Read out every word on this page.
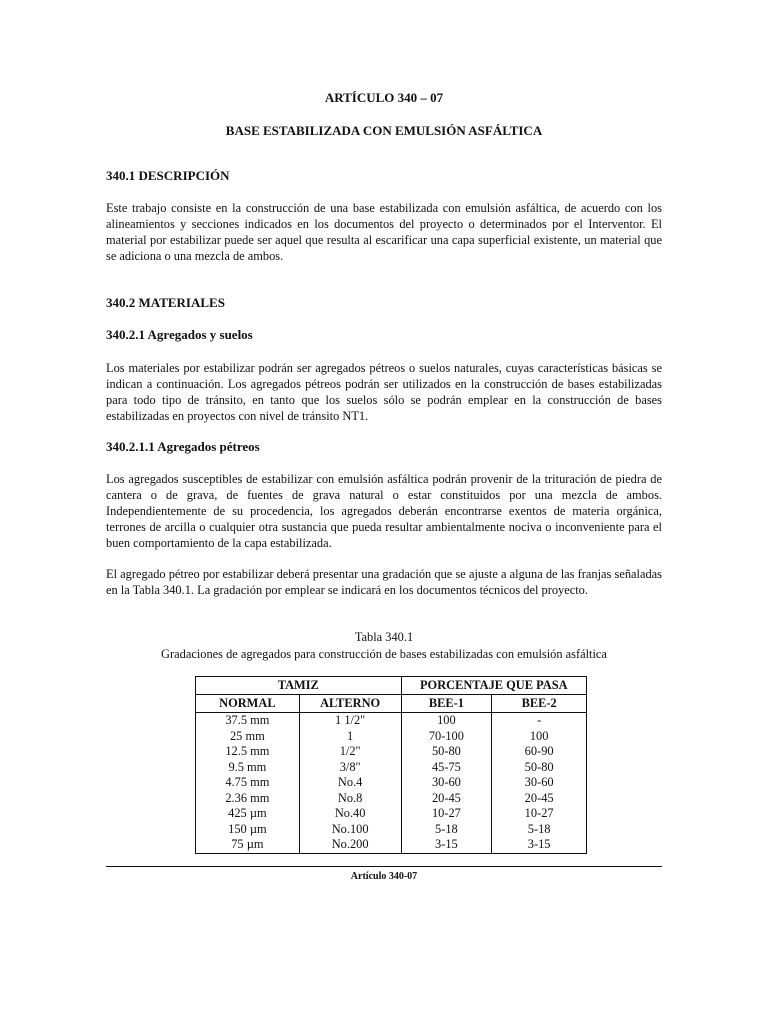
ARTÍCULO 340 – 07

BASE ESTABILIZADA CON EMULSIÓN ASFÁLTICA

340.1 DESCRIPCIÓN

Este trabajo consiste en la construcción de una base estabilizada con emulsión asfáltica, de acuerdo con los alineamientos y secciones indicados en los documentos del proyecto o determinados por el Interventor. El material por estabilizar puede ser aquel que resulta al escarificar una capa superficial existente, un material que se adiciona o una mezcla de ambos.

340.2 MATERIALES

340.2.1 Agregados y suelos

Los materiales por estabilizar podrán ser agregados pétreos o suelos naturales, cuyas características básicas se indican a continuación. Los agregados pétreos podrán ser utilizados en la construcción de bases estabilizadas para todo tipo de tránsito, en tanto que los suelos sólo se podrán emplear en la construcción de bases estabilizadas en proyectos con nivel de tránsito NT1.

340.2.1.1 Agregados pétreos

Los agregados susceptibles de estabilizar con emulsión asfáltica podrán provenir de la trituración de piedra de cantera o de grava, de fuentes de grava natural o estar constituidos por una mezcla de ambos. Independientemente de su procedencia, los agregados deberán encontrarse exentos de materia orgánica, terrones de arcilla o cualquier otra sustancia que pueda resultar ambientalmente nociva o inconveniente para el buen comportamiento de la capa estabilizada.

El agregado pétreo por estabilizar deberá presentar una gradación que se ajuste a alguna de las franjas señaladas en la Tabla 340.1. La gradación por emplear se indicará en los documentos técnicos del proyecto.

Tabla 340.1

Gradaciones de agregados para construcción de bases estabilizadas con emulsión asfáltica

TAMIZ		PORCENTAJE QUE PASA	
NORMAL	ALTERNO	BEE-1	BEE-2
37.5 mm	1 1/2"	100	-
25 mm	1	70-100	100
12.5 mm	1/2"	50-80	60-90
9.5 mm	3/8"	45-75	50-80
4.75 mm	No.4	30-60	30-60
2.36 mm	No.8	20-45	20-45
425 µm	No.40	10-27	10-27
150 µm	No.100	5-18	5-18
75 µm	No.200	3-15	3-15
Artículo 340-07
